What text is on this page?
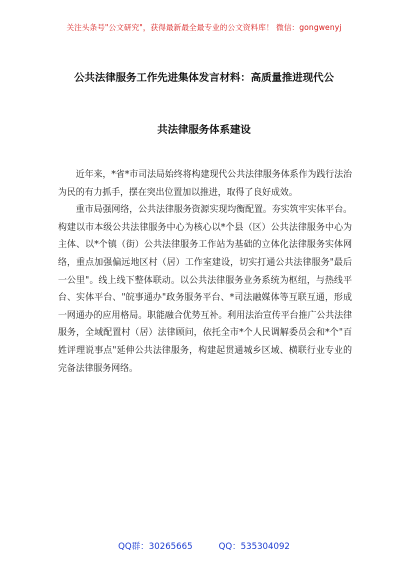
关注头条号"公文研究"，获得最新最全最专业的公文资料库！ 微信：gongwenyj
公共法律服务工作先进集体发言材料：高质量推进现代公
共法律服务体系建设

近年来，*省*市司法局始终将构建现代公共法律服务体系作为践行法治为民的有力抓手，摆在突出位置加以推进，取得了良好成效。

重市局强网络，公共法律服务资源实现均衡配置。夯实筑牢实体平台。构建以市本级公共法律服务中心为核心以*个县（区）公共法律服务中心为主体、以*个镇（街）公共法律服务工作站为基础的立体化法律服务实体网络，重点加强偏远地区村（居）工作室建设，切实打通公共法律服务"最后一公里"。线上线下整体联动。以公共法律服务业务系统为枢纽，与热线平台、实体平台、"皖事通办"政务服务平台、*司法融媒体等互联互通，形成一网通办的应用格局。职能融合优势互补。利用法治宣传平台推广公共法律服务，全域配置村（居）法律顾问，依托全市*个人民调解委员会和*个"百姓评理说事点"延伸公共法律服务，构建起贯通城乡区域、横联行业专业的完备法律服务网络。

QQ群：30265665	QQ：535304092
